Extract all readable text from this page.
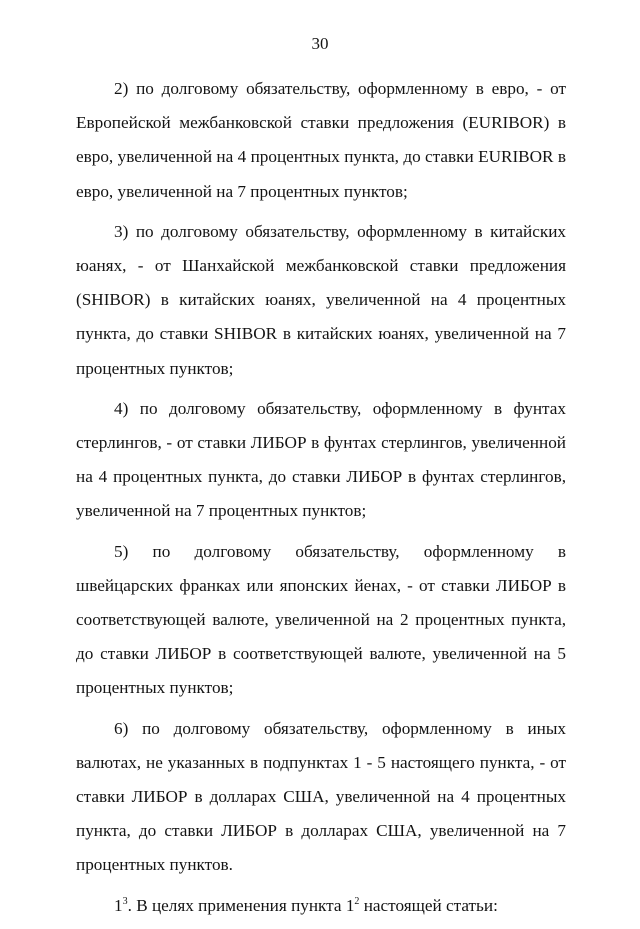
30

2) по долговому обязательству, оформленному в евро, - от Европейской межбанковской ставки предложения (EURIBOR) в евро, увеличенной на 4 процентных пункта, до ставки EURIBOR в евро, увеличенной на 7 процентных пунктов;

3) по долговому обязательству, оформленному в китайских юанях, - от Шанхайской межбанковской ставки предложения (SHIBOR) в китайских юанях, увеличенной на 4 процентных пункта, до ставки SHIBOR в китайских юанях, увеличенной на 7 процентных пунктов;

4) по долговому обязательству, оформленному в фунтах стерлингов, - от ставки ЛИБОР в фунтах стерлингов, увеличенной на 4 процентных пункта, до ставки ЛИБОР в фунтах стерлингов, увеличенной на 7 процентных пунктов;

5) по долговому обязательству, оформленному в швейцарских франках или японских йенах, - от ставки ЛИБОР в соответствующей валюте, увеличенной на 2 процентных пункта, до ставки ЛИБОР в соответствующей валюте, увеличенной на 5 процентных пунктов;

6) по долговому обязательству, оформленному в иных валютах, не указанных в подпунктах 1 - 5 настоящего пункта, - от ставки ЛИБОР в долларах США, увеличенной на 4 процентных пункта, до ставки ЛИБОР в долларах США, увеличенной на 7 процентных пунктов.

$1^3$. В целях применения пункта $1^2$ настоящей статьи:
